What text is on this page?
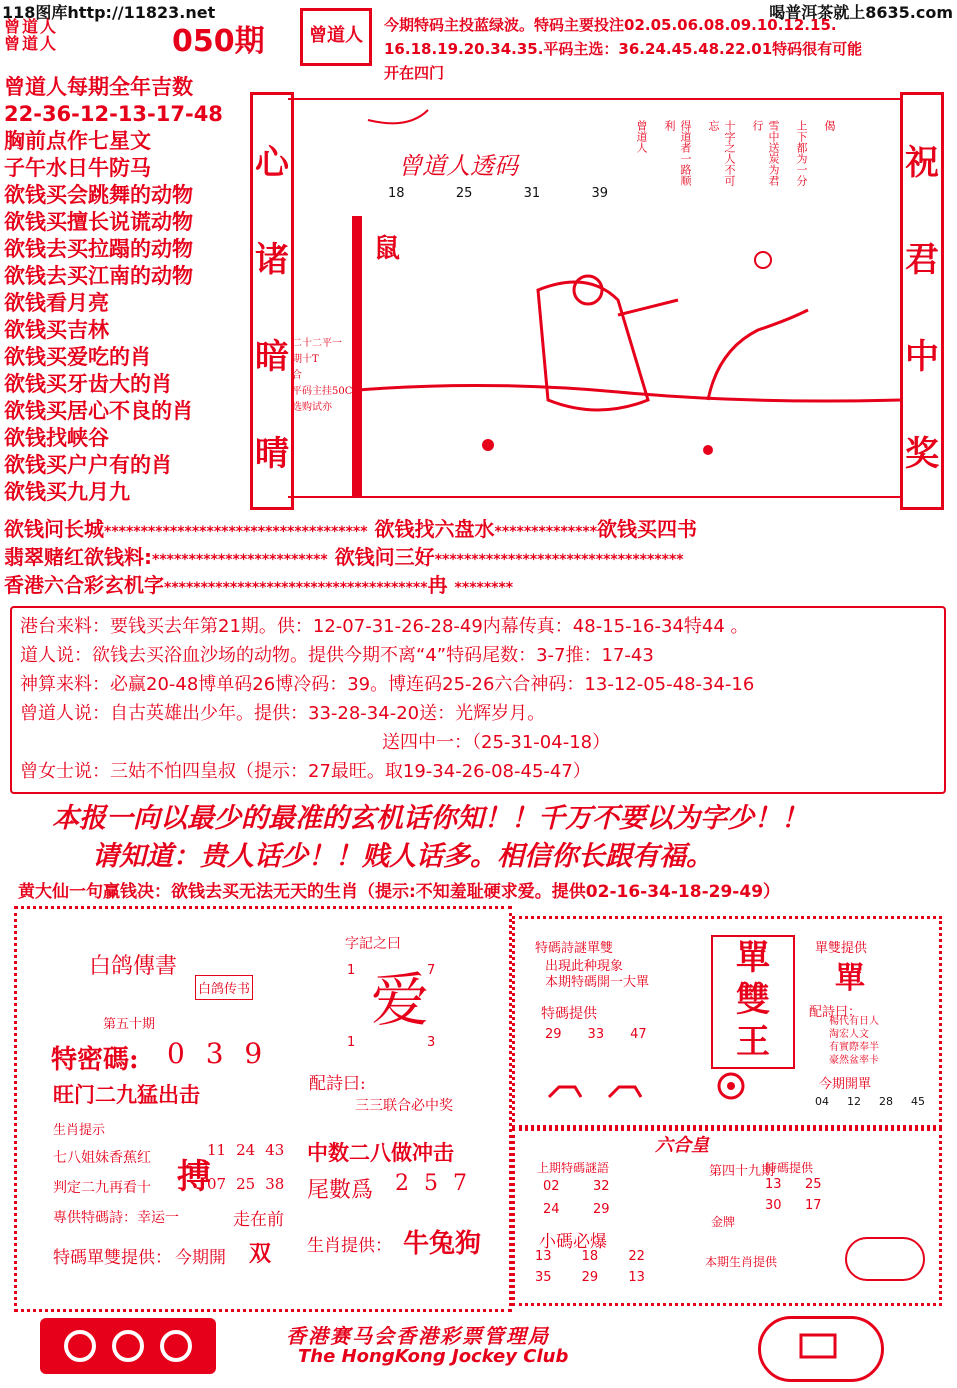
118图库http://11823.net	喝普洱茶就上8635.com
曾道人
曾道人	050期	曾道人	今期特码主投蓝绿波。特码主要投注02.05.06.08.09.10.12.15.
16.18.19.20.34.35.平码主选：36.24.45.48.22.01特码很有可能
开在四门
曾道人每期全年吉数
22-36-12-13-17-48
胸前点作七星文
子午水日牛防马
欲钱买会跳舞的动物
欲钱买擅长说谎动物
欲钱去买拉蹋的动物
欲钱去买江南的动物
欲钱看月亮
欲钱买吉林
欲钱买爱吃的肖
欲钱买牙齿大的肖
欲钱买居心不良的肖
欲钱找峡谷
欲钱买户户有的肖
欲钱买九月九
心
诸
暗
晴
祝
君
中
奖
曾道人透码
18	25	31	39
鼠
曾道人	得道者一路顺利	十字之人不可忘	雪中送炭为君行	上下都为一分 偈
二十二平一
期十T
合
平码主挂50C
选购试亦
欲钱问长城************************************ 欲钱找六盘水**************欲钱买四书
翡翠赌红欲钱料:************************ 欲钱问三好**********************************
香港六合彩玄机字************************************冉 ********
港台来料：要钱买去年第21期。供：12-07-31-26-28-49内幕传真：48-15-16-34特44 。
道人说：欲钱去买浴血沙场的动物。提供今期不离“4”特码尾数：3-7推：17-43
神算来料：必赢20-48博单码26博冷码：39。博连码25-26六合神码：13-12-05-48-34-16
曾道人说：自古英雄出少年。提供：33-28-34-20送：光辉岁月。
送四中一：（25-31-04-18）
曾女士说：三姑不怕四皇叔（提示：27最旺。取19-34-26-08-45-47）
本报一向以最少的最准的玄机话你知！！千万不要以为字少！！
请知道：贵人话少！！贱人话多。相信你长跟有福。
黄大仙一句赢钱决：欲钱去买无法无天的生肖（提示:不知羞耻硬求爱。提供02-16-34-18-29-49）
白鸽傳書
白鸽传书
第五十期
特密碼: 0 3 9
旺门二九猛出击
生肖提示
七八姐妹香蕉红
判定二九再看十
專供特碼詩：幸运一
搏
11 24 43
07 25 38
走在前
特碼單雙提供： 今期開 双
字記之曰
爱
1	7
1	3
配詩曰:
三三联合必中奖
中数二八做冲击
尾數爲 2 5 7
生肖提供： 牛兔狗
特碼詩謎單雙
出現此种現象
本期特碼開一大單
特碼提供
29 33 47
單
雙
王
單雙提供
單
配詩曰：
楊代有日人
淘宏人文
有實際奉半
豪然盆率卡
今期開單
04 12 28 45
六合皇
上期特碼謎語
02	32
24	29
小碼必爆
13	18	22
35	29	13
第四十九期
金牌
特碼提供
13	25
30	17
本期生肖提供
香港赛马会香港彩票管理局
The HongKong Jockey Club
